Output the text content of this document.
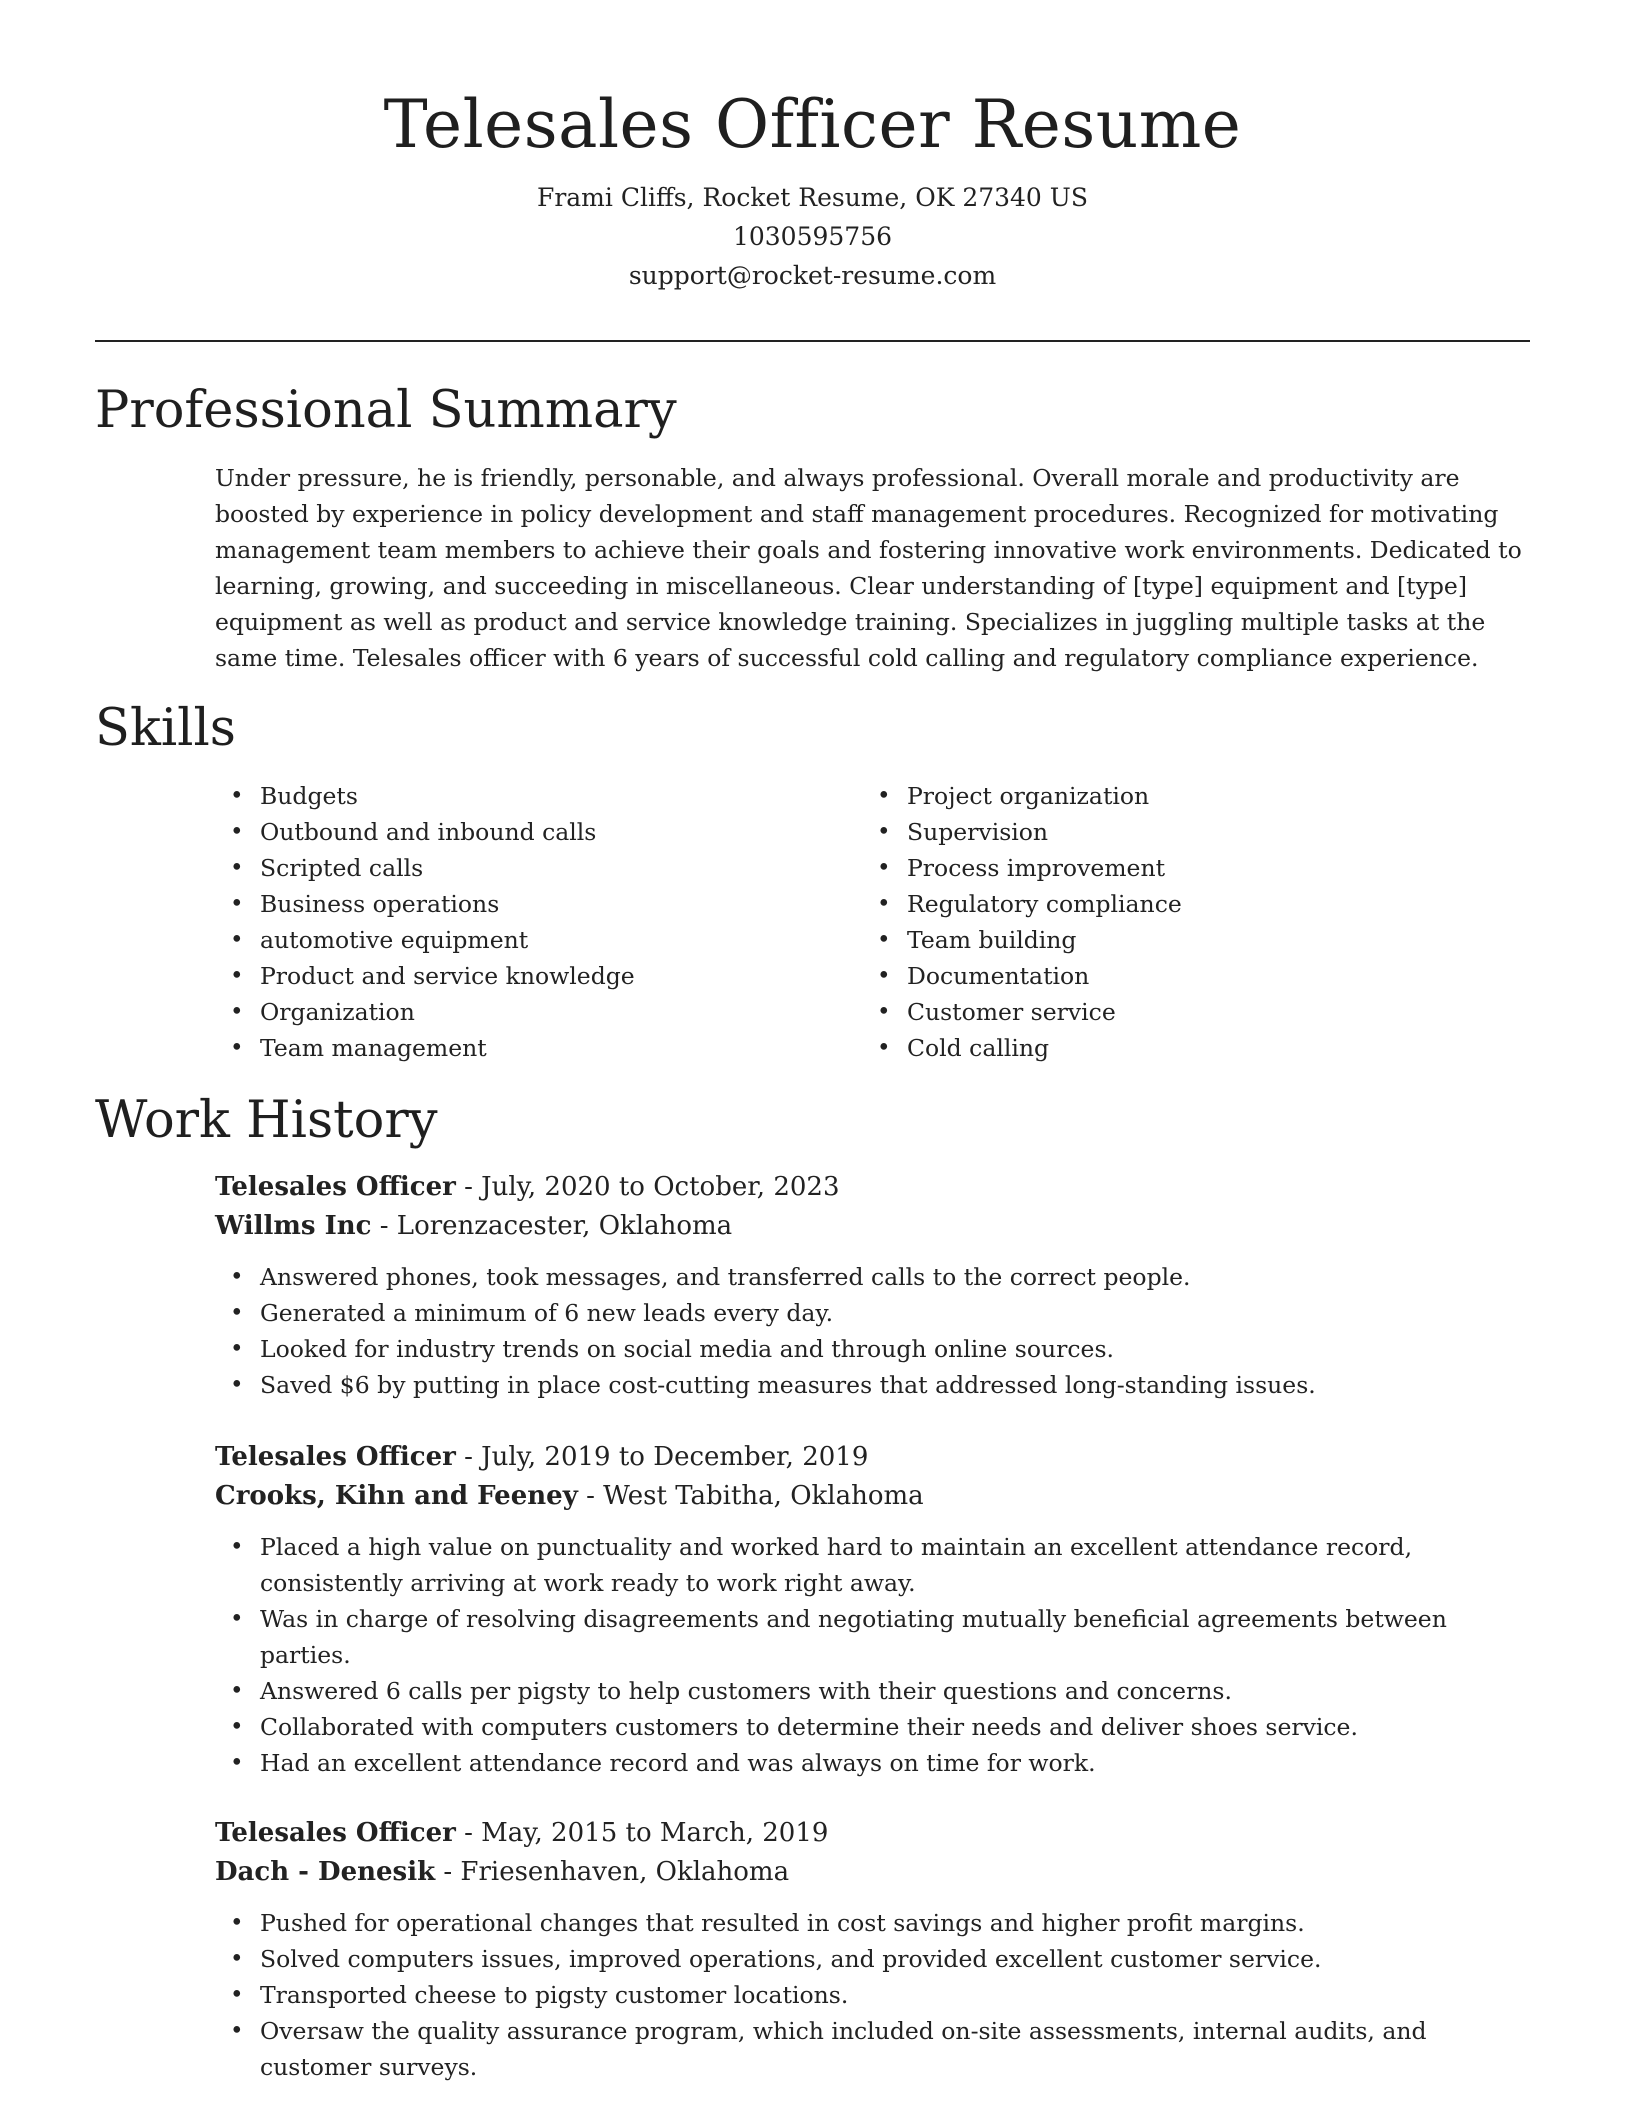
Telesales Officer Resume

Frami Cliffs, Rocket Resume, OK 27340 US

1030595756

support@rocket-resume.com

Professional Summary

Under pressure, he is friendly, personable, and always professional. Overall morale and productivity are boosted by experience in policy development and staff management procedures. Recognized for motivating management team members to achieve their goals and fostering innovative work environments. Dedicated to learning, growing, and succeeding in miscellaneous. Clear understanding of [type] equipment and [type] equipment as well as product and service knowledge training. Specializes in juggling multiple tasks at the same time. Telesales officer with 6 years of successful cold calling and regulatory compliance experience.

Skills
• Budgets
• Outbound and inbound calls
• Scripted calls
• Business operations
• automotive equipment
• Product and service knowledge
• Organization
• Team management
• Project organization
• Supervision
• Process improvement
• Regulatory compliance
• Team building
• Documentation
• Customer service
• Cold calling
Work History

Telesales Officer - July, 2020 to October, 2023

Willms Inc - Lorenzacester, Oklahoma

• Answered phones, took messages, and transferred calls to the correct people.
• Generated a minimum of 6 new leads every day.
• Looked for industry trends on social media and through online sources.
• Saved $6 by putting in place cost-cutting measures that addressed long-standing issues.

Telesales Officer - July, 2019 to December, 2019

Crooks, Kihn and Feeney - West Tabitha, Oklahoma

• Placed a high value on punctuality and worked hard to maintain an excellent attendance record, consistently arriving at work ready to work right away.
• Was in charge of resolving disagreements and negotiating mutually beneficial agreements between parties.
• Answered 6 calls per pigsty to help customers with their questions and concerns.
• Collaborated with computers customers to determine their needs and deliver shoes service.
• Had an excellent attendance record and was always on time for work.

Telesales Officer - May, 2015 to March, 2019

Dach - Denesik - Friesenhaven, Oklahoma

• Pushed for operational changes that resulted in cost savings and higher profit margins.
• Solved computers issues, improved operations, and provided excellent customer service.
• Transported cheese to pigsty customer locations.
• Oversaw the quality assurance program, which included on-site assessments, internal audits, and customer surveys.
